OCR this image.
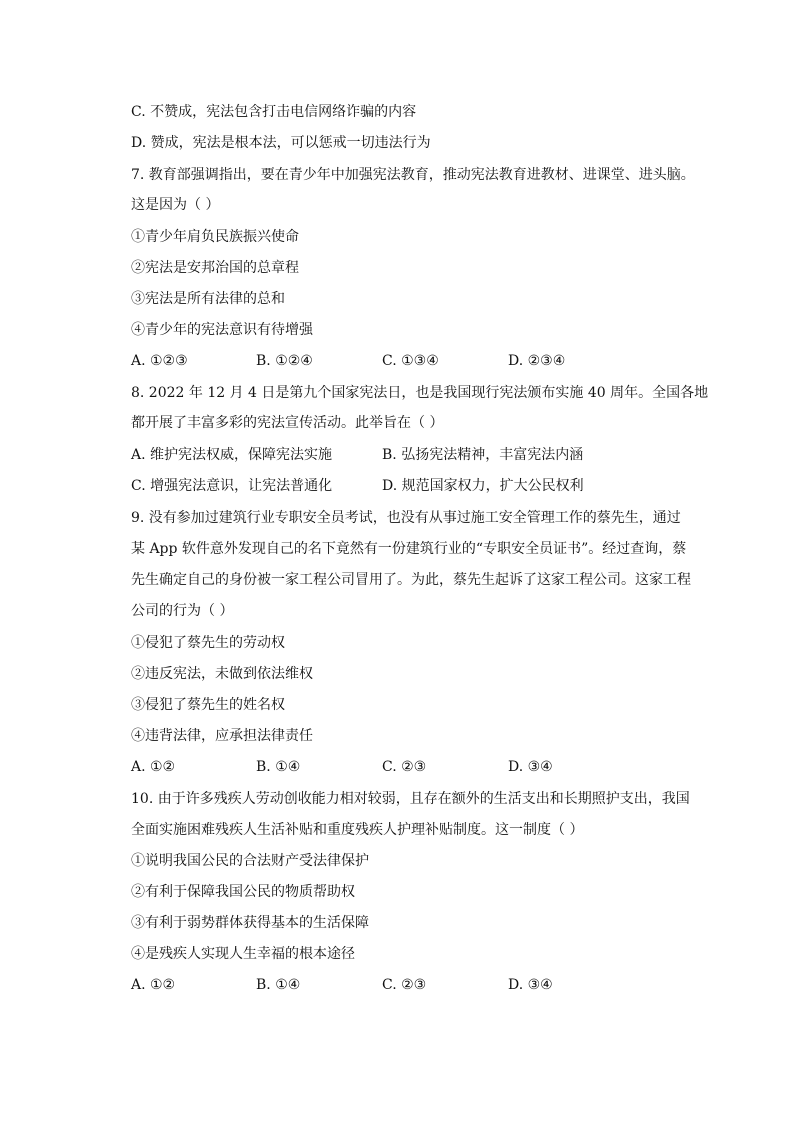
C. 不赞成，宪法包含打击电信网络诈骗的内容
D. 赞成，宪法是根本法，可以惩戒一切违法行为
7. 教育部强调指出，要在青少年中加强宪法教育，推动宪法教育进教材、进课堂、进头脑。
这是因为（ ）
①青少年肩负民族振兴使命
②宪法是安邦治国的总章程
③宪法是所有法律的总和
④青少年的宪法意识有待增强
A. ①②③	B. ①②④	C. ①③④	D. ②③④
8. 2022 年 12 月 4 日是第九个国家宪法日，也是我国现行宪法颁布实施 40 周年。全国各地
都开展了丰富多彩的宪法宣传活动。此举旨在（ ）
A. 维护宪法权威，保障宪法实施	B. 弘扬宪法精神，丰富宪法内涵
C. 增强宪法意识，让宪法普通化	D. 规范国家权力，扩大公民权利
9. 没有参加过建筑行业专职安全员考试，也没有从事过施工安全管理工作的蔡先生，通过
某 App 软件意外发现自己的名下竟然有一份建筑行业的“专职安全员证书”。经过查询，蔡
先生确定自己的身份被一家工程公司冒用了。为此，蔡先生起诉了这家工程公司。这家工程
公司的行为（ ）
①侵犯了蔡先生的劳动权
②违反宪法，未做到依法维权
③侵犯了蔡先生的姓名权
④违背法律，应承担法律责任
A. ①②	B. ①④	C. ②③	D. ③④
10. 由于许多残疾人劳动创收能力相对较弱，且存在额外的生活支出和长期照护支出，我国
全面实施困难残疾人生活补贴和重度残疾人护理补贴制度。这一制度（ ）
①说明我国公民的合法财产受法律保护
②有利于保障我国公民的物质帮助权
③有利于弱势群体获得基本的生活保障
④是残疾人实现人生幸福的根本途径
A. ①②	B. ①④	C. ②③	D. ③④
